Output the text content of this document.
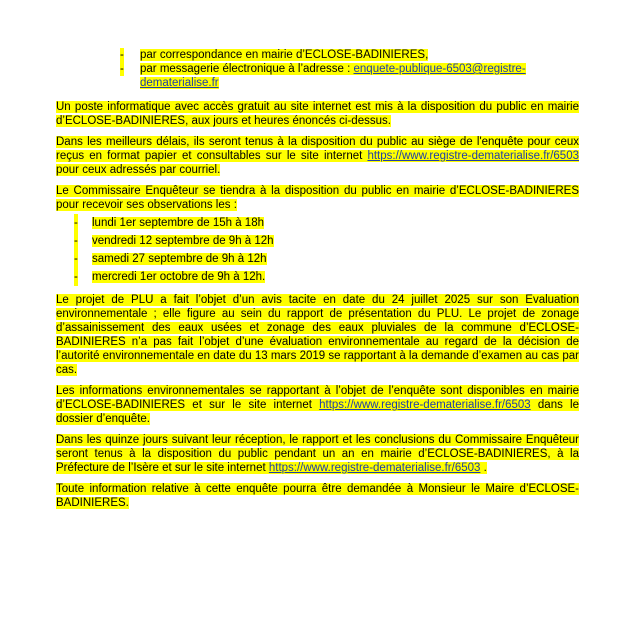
- par correspondance en mairie d’ECLOSE-BADINIERES,
- par messagerie électronique à l’adresse : enquete-publique-6503@registre-dematerialise.fr

Un poste informatique avec accès gratuit au site internet est mis à la disposition du public en mairie d’ECLOSE-BADINIERES, aux jours et heures énoncés ci-dessus.

Dans les meilleurs délais, ils seront tenus à la disposition du public au siège de l'enquête pour ceux reçus en format papier et consultables sur le site internet https://www.registre-dematerialise.fr/6503 pour ceux adressés par courriel.

Le Commissaire Enquêteur se tiendra à la disposition du public en mairie d’ECLOSE-BADINIERES pour recevoir ses observations les :
- lundi 1er septembre de 15h à 18h
- vendredi 12 septembre de 9h à 12h
- samedi 27 septembre de 9h à 12h
- mercredi 1er octobre de 9h à 12h.

Le projet de PLU a fait l’objet d’un avis tacite en date du 24 juillet 2025 sur son Evaluation environnementale ; elle figure au sein du rapport de présentation du PLU. Le projet de zonage d’assainissement des eaux usées et zonage des eaux pluviales de la commune d’ECLOSE-BADINIERES n’a pas fait l’objet d’une évaluation environnementale au regard de la décision de l’autorité environnementale en date du 13 mars 2019 se rapportant à la demande d’examen au cas par cas.

Les informations environnementales se rapportant à l’objet de l’enquête sont disponibles en mairie d’ECLOSE-BADINIERES et sur le site internet https://www.registre-dematerialise.fr/6503 dans le dossier d’enquête.

Dans les quinze jours suivant leur réception, le rapport et les conclusions du Commissaire Enquêteur seront tenus à la disposition du public pendant un an en mairie d’ECLOSE-BADINIERES, à la Préfecture de l’Isère et sur le site internet https://www.registre-dematerialise.fr/6503 .

Toute information relative à cette enquête pourra être demandée à Monsieur le Maire d’ECLOSE-BADINIERES.
